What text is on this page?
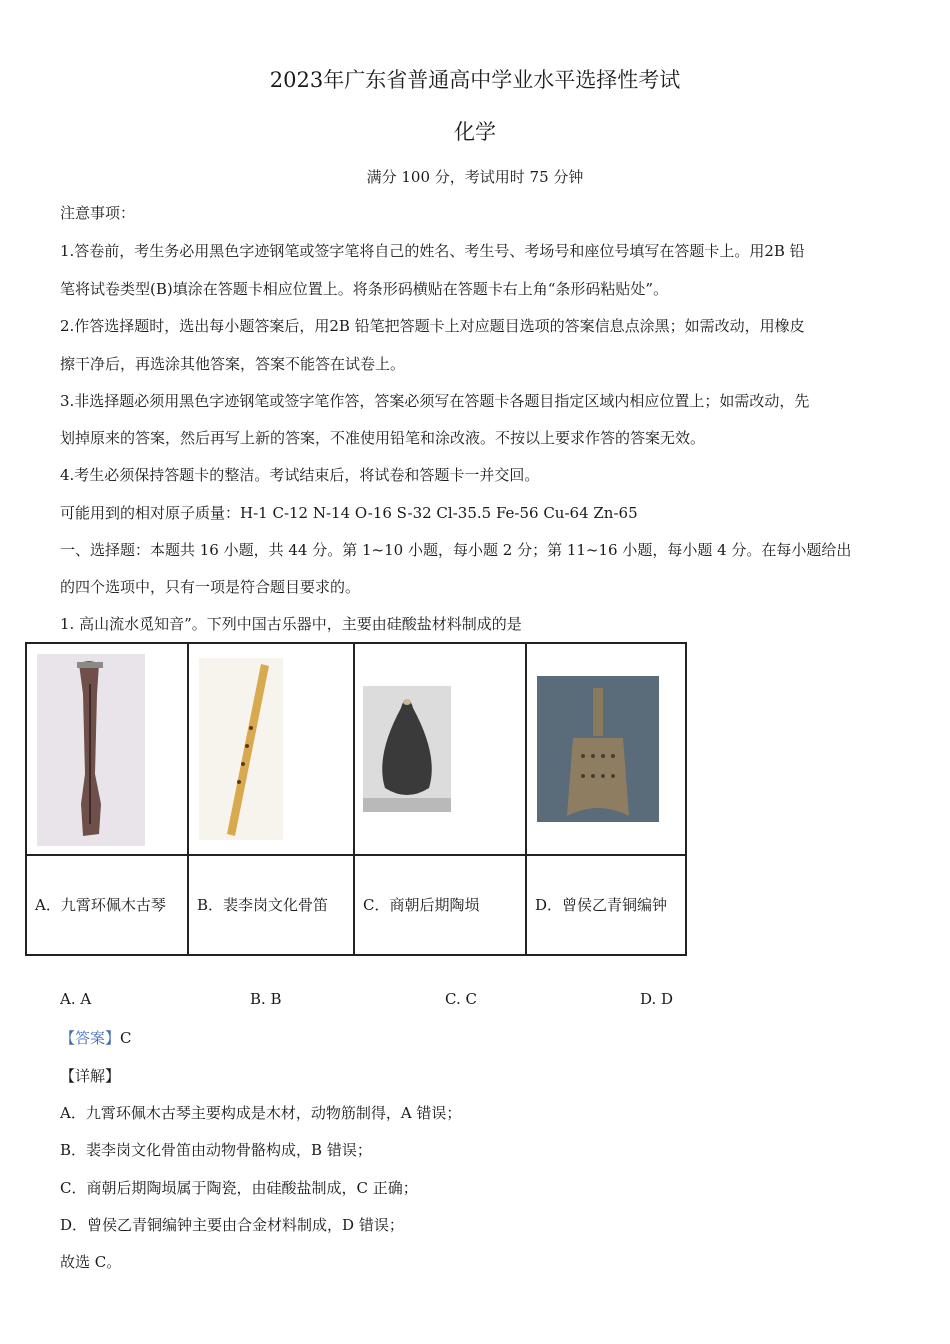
2023年广东省普通高中学业水平选择性考试
化学
满分 100 分，考试用时 75 分钟
注意事项：
1.答卷前，考生务必用黑色字迹钢笔或签字笔将自己的姓名、考生号、考场号和座位号填写在答题卡上。用2B 铅
笔将试卷类型(B)填涂在答题卡相应位置上。将条形码横贴在答题卡右上角“条形码粘贴处”。
2.作答选择题时，选出每小题答案后，用2B 铅笔把答题卡上对应题目选项的答案信息点涂黑；如需改动，用橡皮
擦干净后，再选涂其他答案，答案不能答在试卷上。
3.非选择题必须用黑色字迹钢笔或签字笔作答，答案必须写在答题卡各题目指定区域内相应位置上；如需改动，先
划掉原来的答案，然后再写上新的答案，不准使用铅笔和涂改液。不按以上要求作答的答案无效。
4.考生必须保持答题卡的整洁。考试结束后，将试卷和答题卡一并交回。
可能用到的相对原子质量：H-1 C-12 N-14 O-16 S-32 Cl-35.5 Fe-56 Cu-64 Zn-65
一、选择题：本题共 16 小题，共 44 分。第 1~10 小题，每小题 2 分；第 11~16 小题，每小题 4 分。在每小题给出
的四个选项中，只有一项是符合题目要求的。
1. 高山流水觅知音”。下列中国古乐器中，主要由硅酸盐材料制成的是

A．九霄环佩木古琴	B．裴李岗文化骨笛	C．商朝后期陶埙	D．曾侯乙青铜编钟
A. A	B. B	C. C	D. D
【答案】C
【详解】
A．九霄环佩木古琴主要构成是木材，动物筋制得，A 错误；
B．裴李岗文化骨笛由动物骨骼构成，B 错误；
C．商朝后期陶埙属于陶瓷，由硅酸盐制成，C 正确；
D．曾侯乙青铜编钟主要由合金材料制成，D 错误；
故选 C。
